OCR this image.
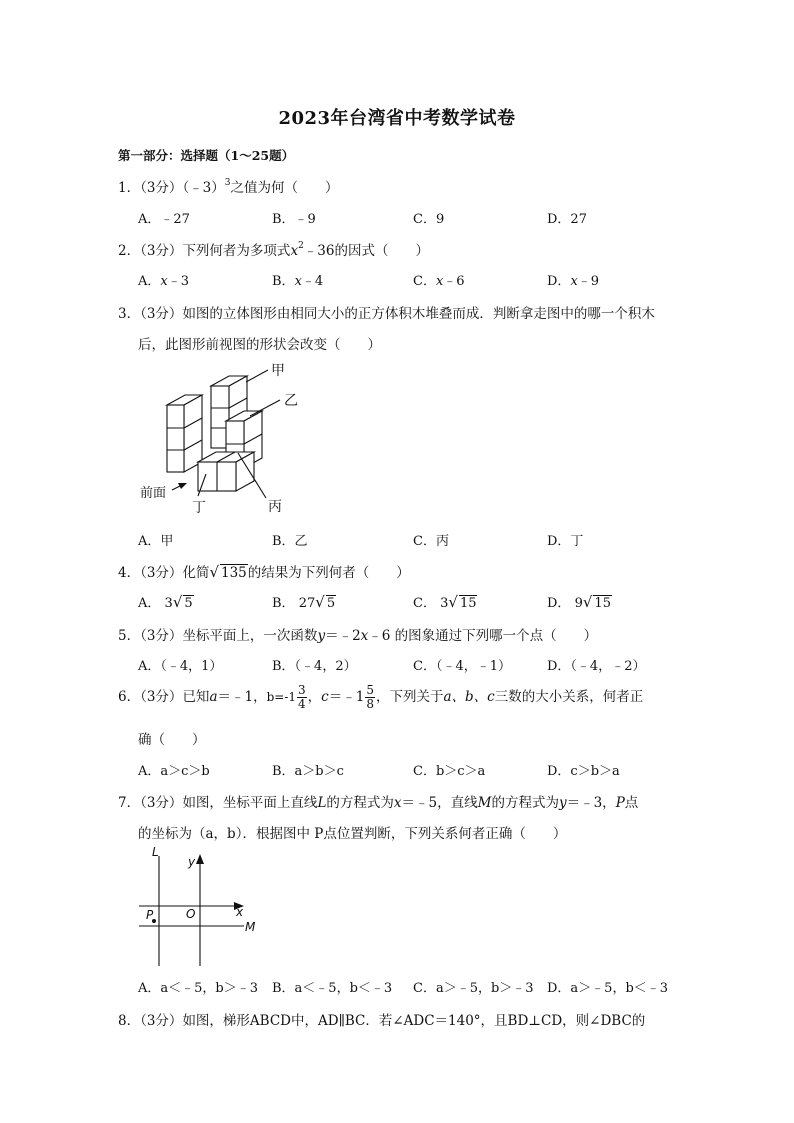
2023年台湾省中考数学试卷
第一部分：选择题（1～25题）
1．（3分）（﹣3）$^3$之值为何（　　）
A．﹣27	B．﹣9	C．9	D．27
2．（3分）下列何者为多项式$x^2﹣36$的因式（　　）
A．x﹣3	B．x﹣4	C．x﹣6	D．x﹣9
3．（3分）如图的立体图形由相同大小的正方体积木堆叠而成．判断拿走图中的哪一个积木
后，此图形前视图的形状会改变（　　）
甲
乙
丙
丁
前面
A．甲	B．乙	C．丙	D．丁
4．（3分）化简√ 135的结果为下列何者（　　）
A． 3√ 5	B． 27√ 5	C． 3√ 15	D． 9√ 15
5．（3分）坐标平面上，一次函数y＝﹣2x﹣6 的图象通过下列哪一个点（　　）
A．（﹣4，1）	B．（﹣4，2）	C．（﹣4，﹣1）	D．（﹣4，﹣2）
6．（3分）已知a＝﹣1，$b=-1 \frac{3}{4}$ ，c＝﹣1 $\frac{5}{8}$ ，下列关于a、b、c三数的大小关系，何者正
确（　　）
A．a＞c＞b	B．a＞b＞c	C．b＞c＞a	D．c＞b＞a
7．（3分）如图，坐标平面上直线L的方程式为x＝﹣5，直线M的方程式为y＝﹣3，P点
的坐标为（a，b）．根据图中 P点位置判断，下列关系何者正确（　　）
L
y
x
O
P
M
A．a＜﹣5，b＞﹣3 B．a＜﹣5，b＜﹣3 C．a＞﹣5，b＞﹣3 D．a＞﹣5，b＜﹣3
8．（3分）如图，梯形ABCD中，AD∥BC．若∠ADC＝140°，且BD⊥CD，则∠DBC的
